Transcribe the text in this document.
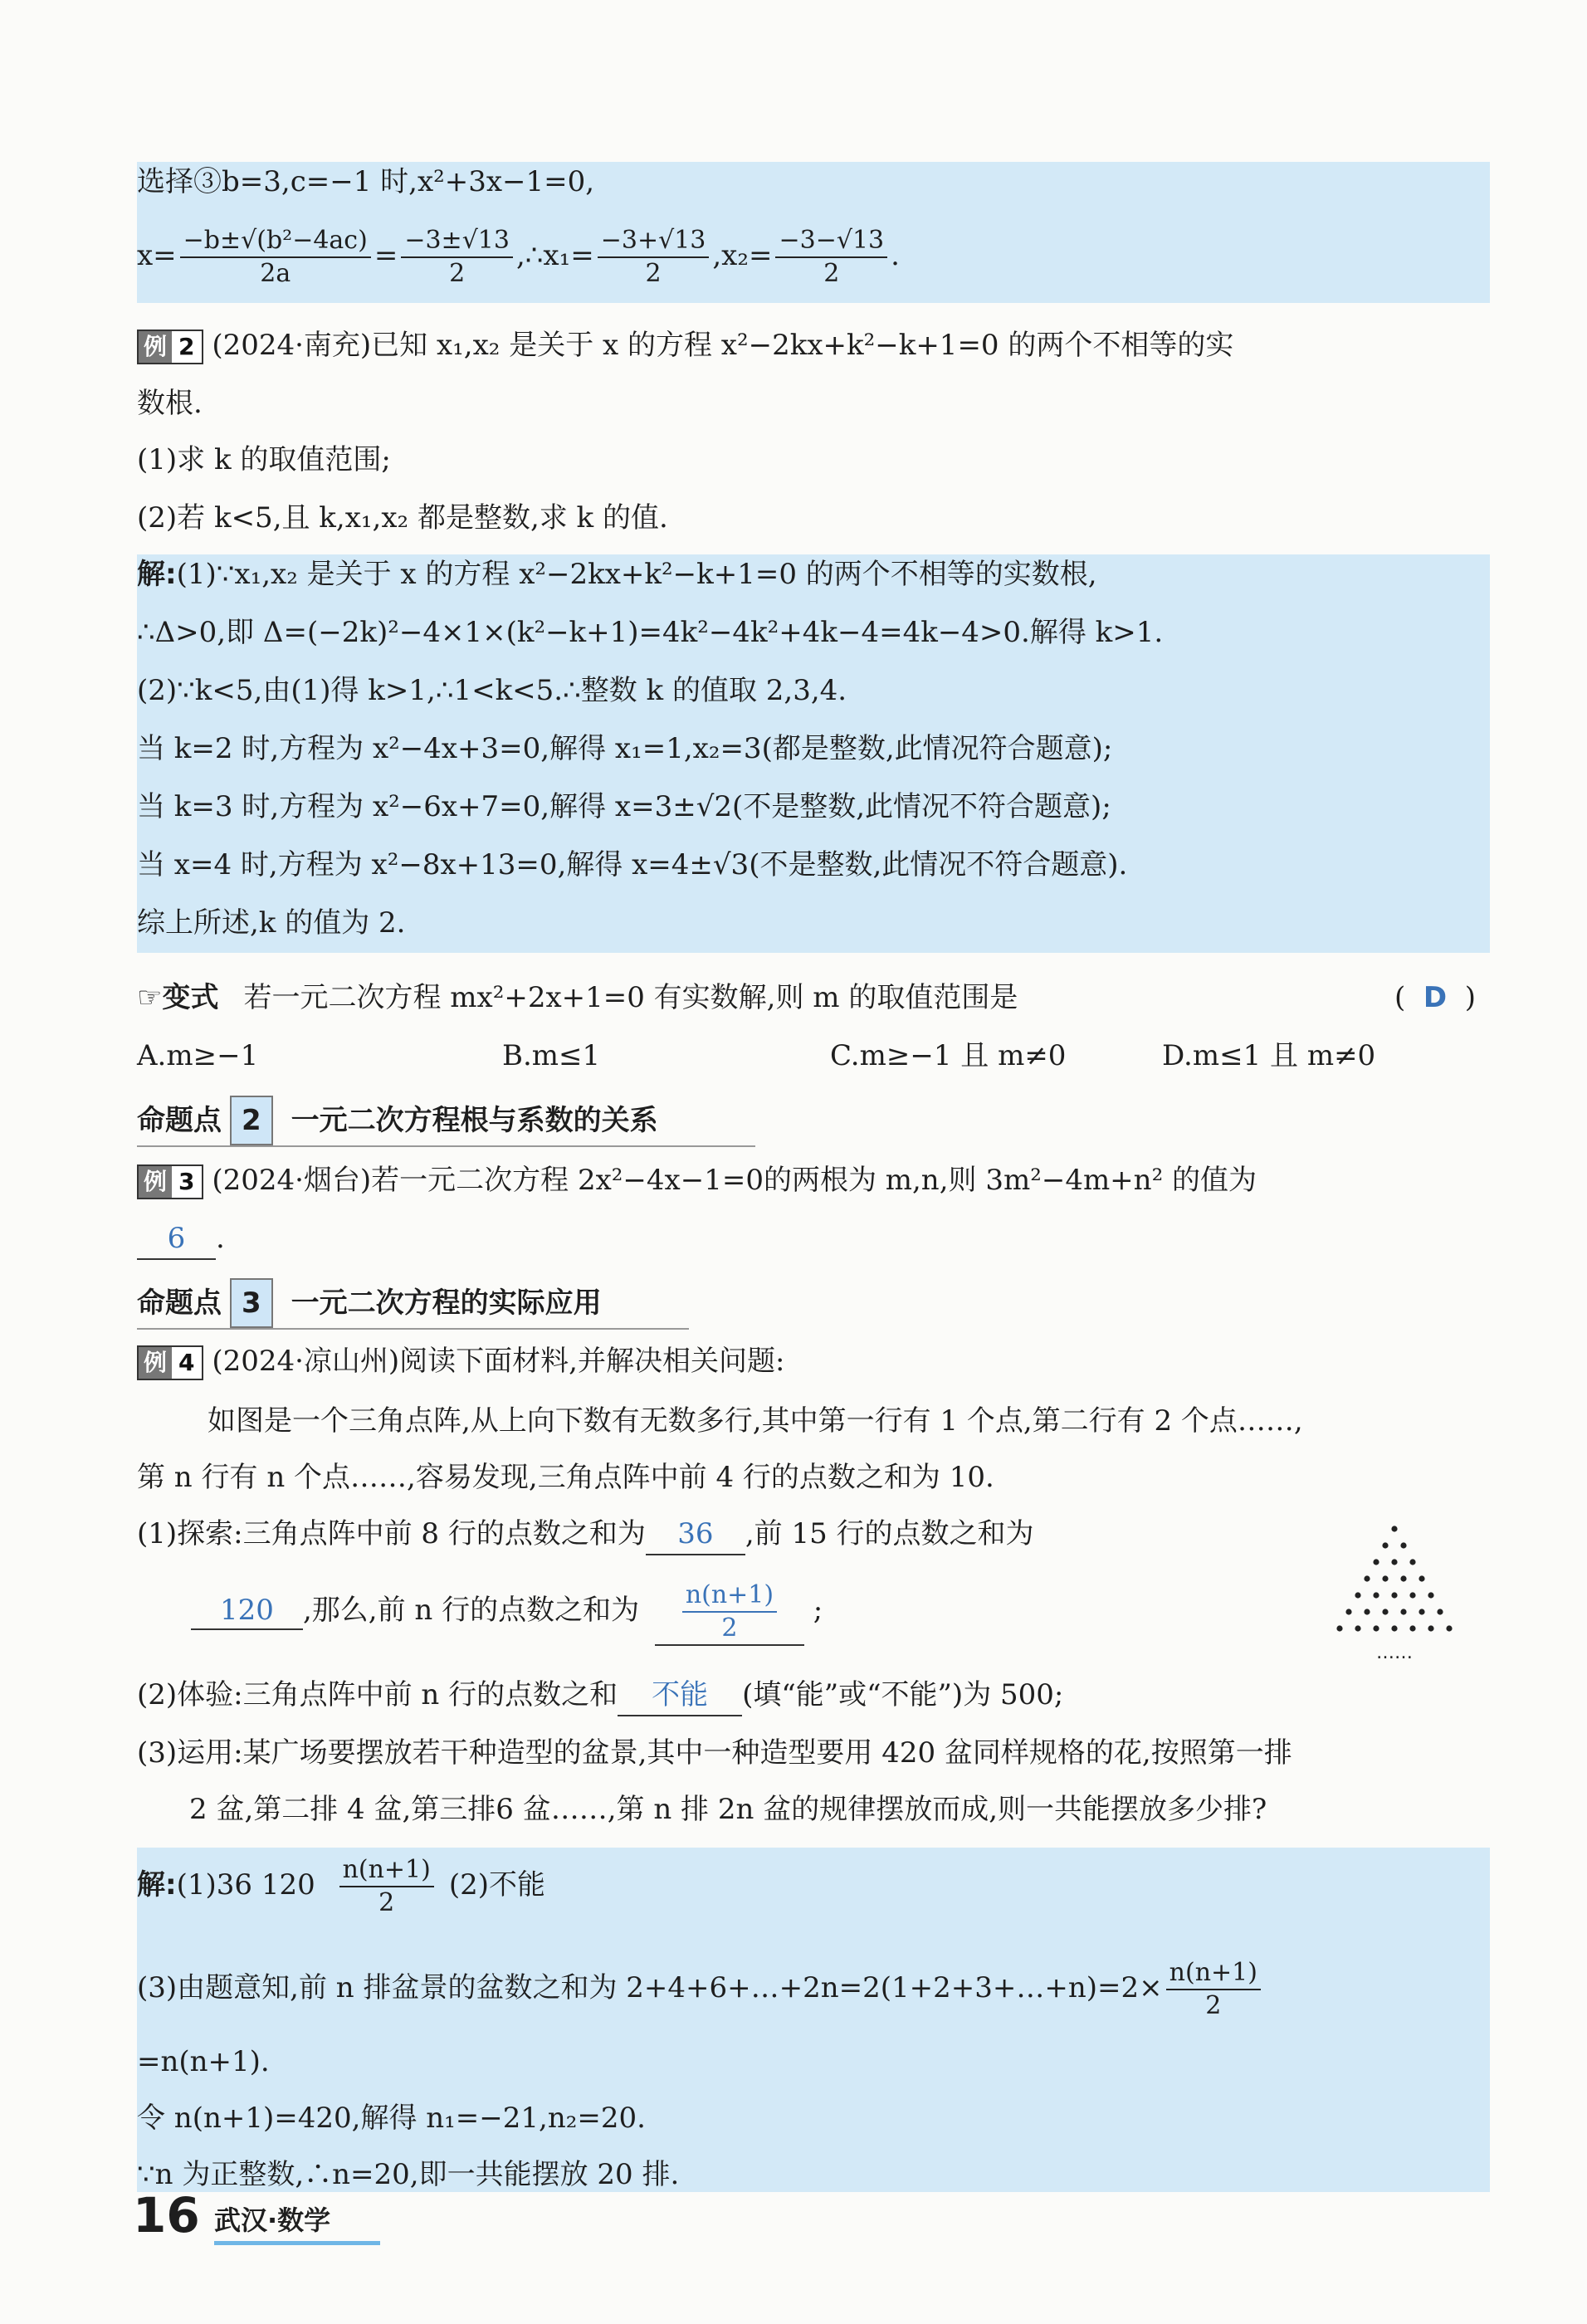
选择③b=3,c=−1 时,x²+3x−1=0,
$x= \frac{\text{−b±√(b²−4ac)}}{2a} = \frac{-3\pm√13}{2}$ ,∴x₁= $\frac{-3+√13}{2} ,x_2= \frac{-3-√13}{2}$ .
例 2 (2024·南充)已知 x₁,x₂ 是关于 x 的方程 x²−2kx+k²−k+1=0 的两个不相等的实
数根.
(1)求 k 的取值范围;
(2)若 k<5,且 k,x₁,x₂ 都是整数,求 k 的值.
解:(1)∵x₁,x₂ 是关于 x 的方程 x²−2kx+k²−k+1=0 的两个不相等的实数根,
∴Δ>0,即 Δ=(−2k)²−4×1×(k²−k+1)=4k²−4k²+4k−4=4k−4>0.解得 k>1.
(2)∵k<5,由(1)得 k>1,∴1<k<5.∴整数 k 的值取 2,3,4.
当 k=2 时,方程为 x²−4x+3=0,解得 x₁=1,x₂=3(都是整数,此情况符合题意);
当 k=3 时,方程为 x²−6x+7=0,解得 x=3±√2(不是整数,此情况不符合题意);
当 x=4 时,方程为 x²−8x+13=0,解得 x=4±√3(不是整数,此情况不符合题意).
综上所述,k 的值为 2.
☞变式 若一元二次方程 mx²+2x+1=0 有实数解,则 m 的取值范围是	( D )
A.m≥−1	B.m≤1	C.m≥−1 且 m≠0	D.m≤1 且 m≠0
命题点 2 一元二次方程根与系数的关系
例 3 (2024·烟台)若一元二次方程 2x²−4x−1=0的两根为 m,n,则 3m²−4m+n² 的值为
6 .
命题点 3 一元二次方程的实际应用
例 4 (2024·凉山州)阅读下面材料,并解决相关问题:
如图是一个三角点阵,从上向下数有无数多行,其中第一行有 1 个点,第二行有 2 个点……,
第 n 行有 n 个点……,容易发现,三角点阵中前 4 行的点数之和为 10.
(1)探索:三角点阵中前 8 行的点数之和为 36 ,前 15 行的点数之和为
120 ,那么,前 n 行的点数之和为 $\frac{n(n+1)}{2}$ ;
……
(2)体验:三角点阵中前 n 行的点数之和 不能 (填“能”或“不能”)为 500;
(3)运用:某广场要摆放若干种造型的盆景,其中一种造型要用 420 盆同样规格的花,按照第一排
2 盆,第二排 4 盆,第三排6 盆……,第 n 排 2n 盆的规律摆放而成,则一共能摆放多少排?
解:(1)36 $120 \frac{n(n+1)}{2} (2)$不能
(3)由题意知,前 n 排盆景的盆数之和为 2+4+6+…+2n=2(1+2+3+…+n)=2× $\frac{n(n+1)}{2}$
=n(n+1).
令 n(n+1)=420,解得 n₁=−21,n₂=20.
∵n 为正整数,∴n=20,即一共能摆放 20 排.
16 武汉·数学
